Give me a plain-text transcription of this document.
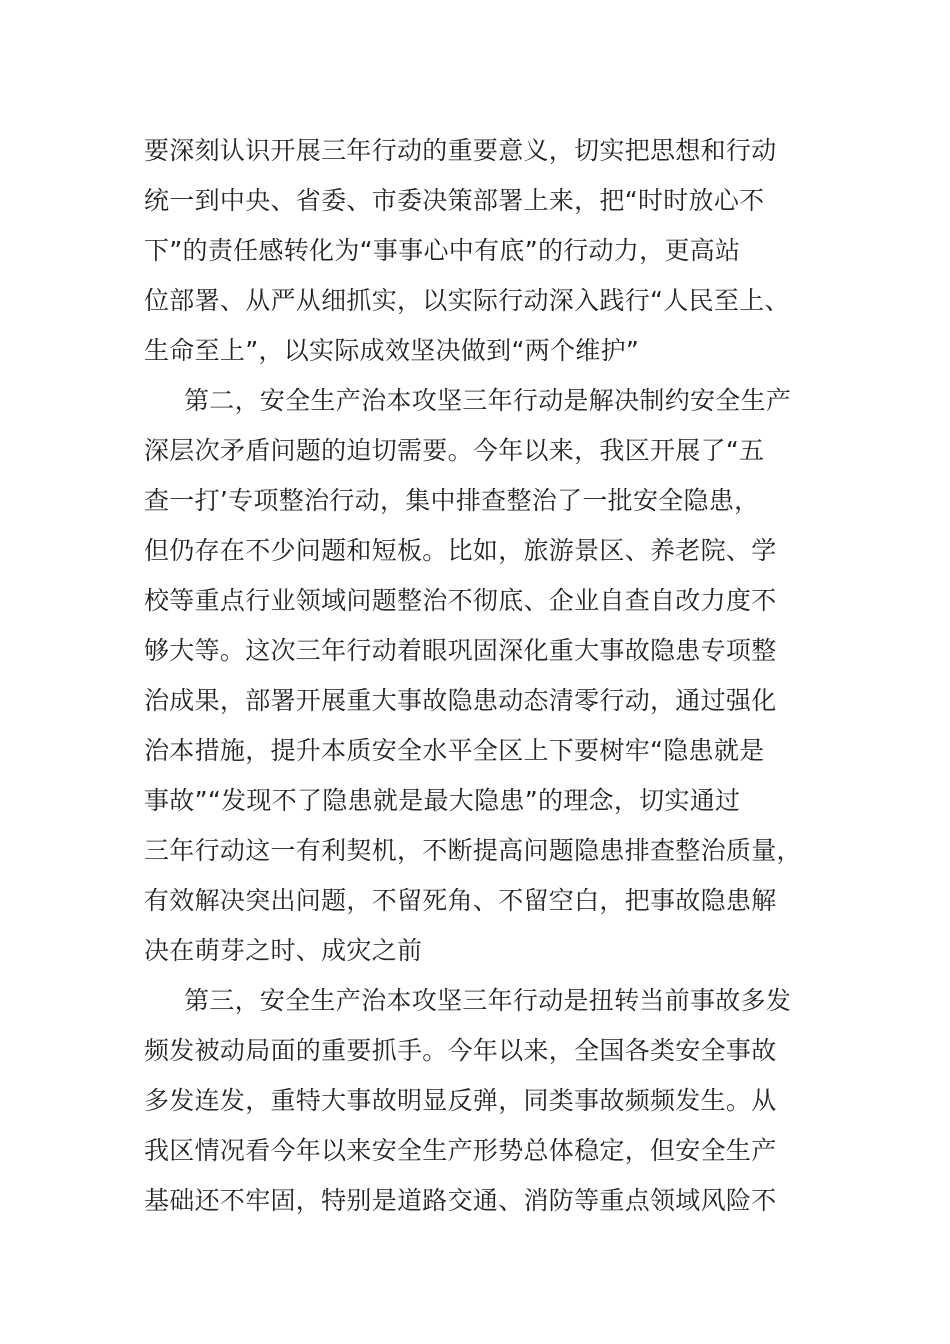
要深刻认识开展三年行动的重要意义，切实把思想和行动
统一到中央、省委、市委决策部署上来，把“时时放心不
下”的责任感转化为“事事心中有底”的行动力，更高站
位部署、从严从细抓实，以实际行动深入践行“人民至上、
生命至上”，以实际成效坚决做到“两个维护”
第二，安全生产治本攻坚三年行动是解决制约安全生产
深层次矛盾问题的迫切需要。今年以来，我区开展了“五
查一打’专项整治行动，集中排查整治了一批安全隐患，
但仍存在不少问题和短板。比如，旅游景区、养老院、学
校等重点行业领域问题整治不彻底、企业自查自改力度不
够大等。这次三年行动着眼巩固深化重大事故隐患专项整
治成果，部署开展重大事故隐患动态清零行动，通过强化
治本措施，提升本质安全水平全区上下要树牢“隐患就是
事故”“发现不了隐患就是最大隐患”的理念，切实通过
三年行动这一有利契机，不断提高问题隐患排查整治质量，
有效解决突出问题，不留死角、不留空白，把事故隐患解
决在萌芽之时、成灾之前
第三，安全生产治本攻坚三年行动是扭转当前事故多发
频发被动局面的重要抓手。今年以来，全国各类安全事故
多发连发，重特大事故明显反弹，同类事故频频发生。从
我区情况看今年以来安全生产形势总体稳定，但安全生产
基础还不牢固，特别是道路交通、消防等重点领域风险不
